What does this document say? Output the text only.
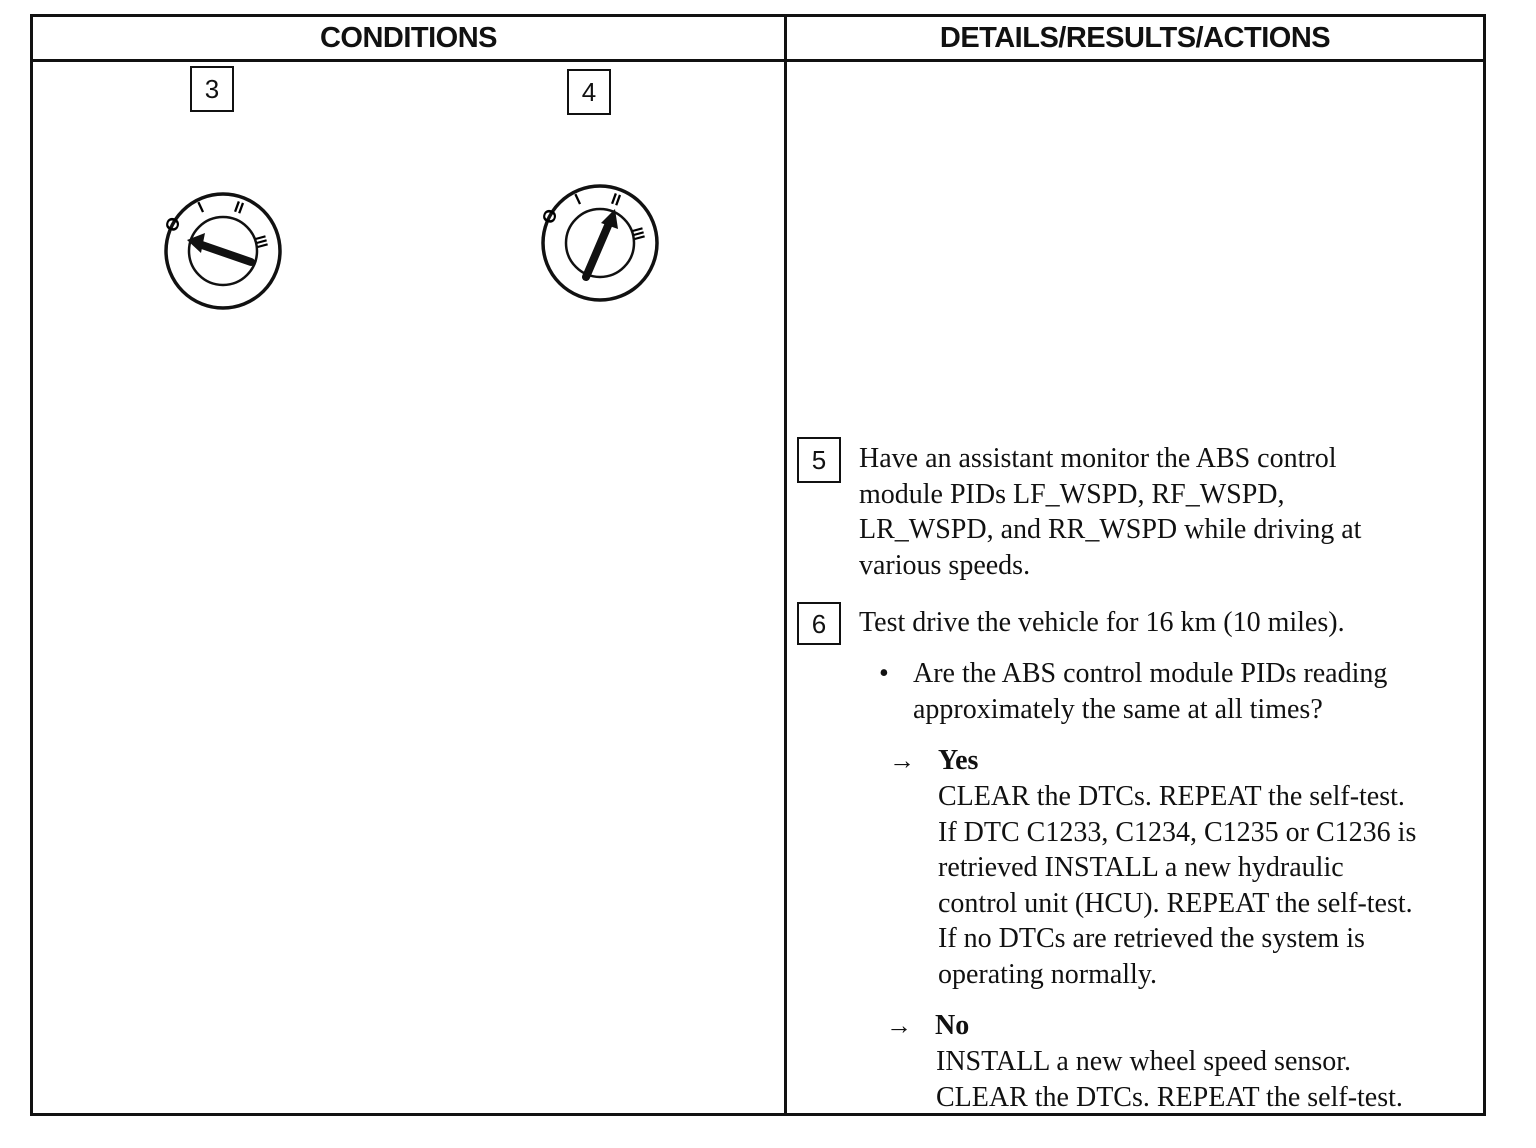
CONDITIONS	DETAILS/RESULTS/ACTIONS
3	4
O
I II
III
O
I II
III
5	Have an assistant monitor the ABS control
module PIDs LF_WSPD, RF_WSPD,
LR_WSPD, and RR_WSPD while driving at
various speeds.
6	Test drive the vehicle for 16 km (10 miles).
• Are the ABS control module PIDs reading
approximately the same at all times?
→ Yes
CLEAR the DTCs. REPEAT the self-test.
If DTC C1233, C1234, C1235 or C1236 is
retrieved INSTALL a new hydraulic
control unit (HCU). REPEAT the self-test.
If no DTCs are retrieved the system is
operating normally.
→ No
INSTALL a new wheel speed sensor.
CLEAR the DTCs. REPEAT the self-test.
